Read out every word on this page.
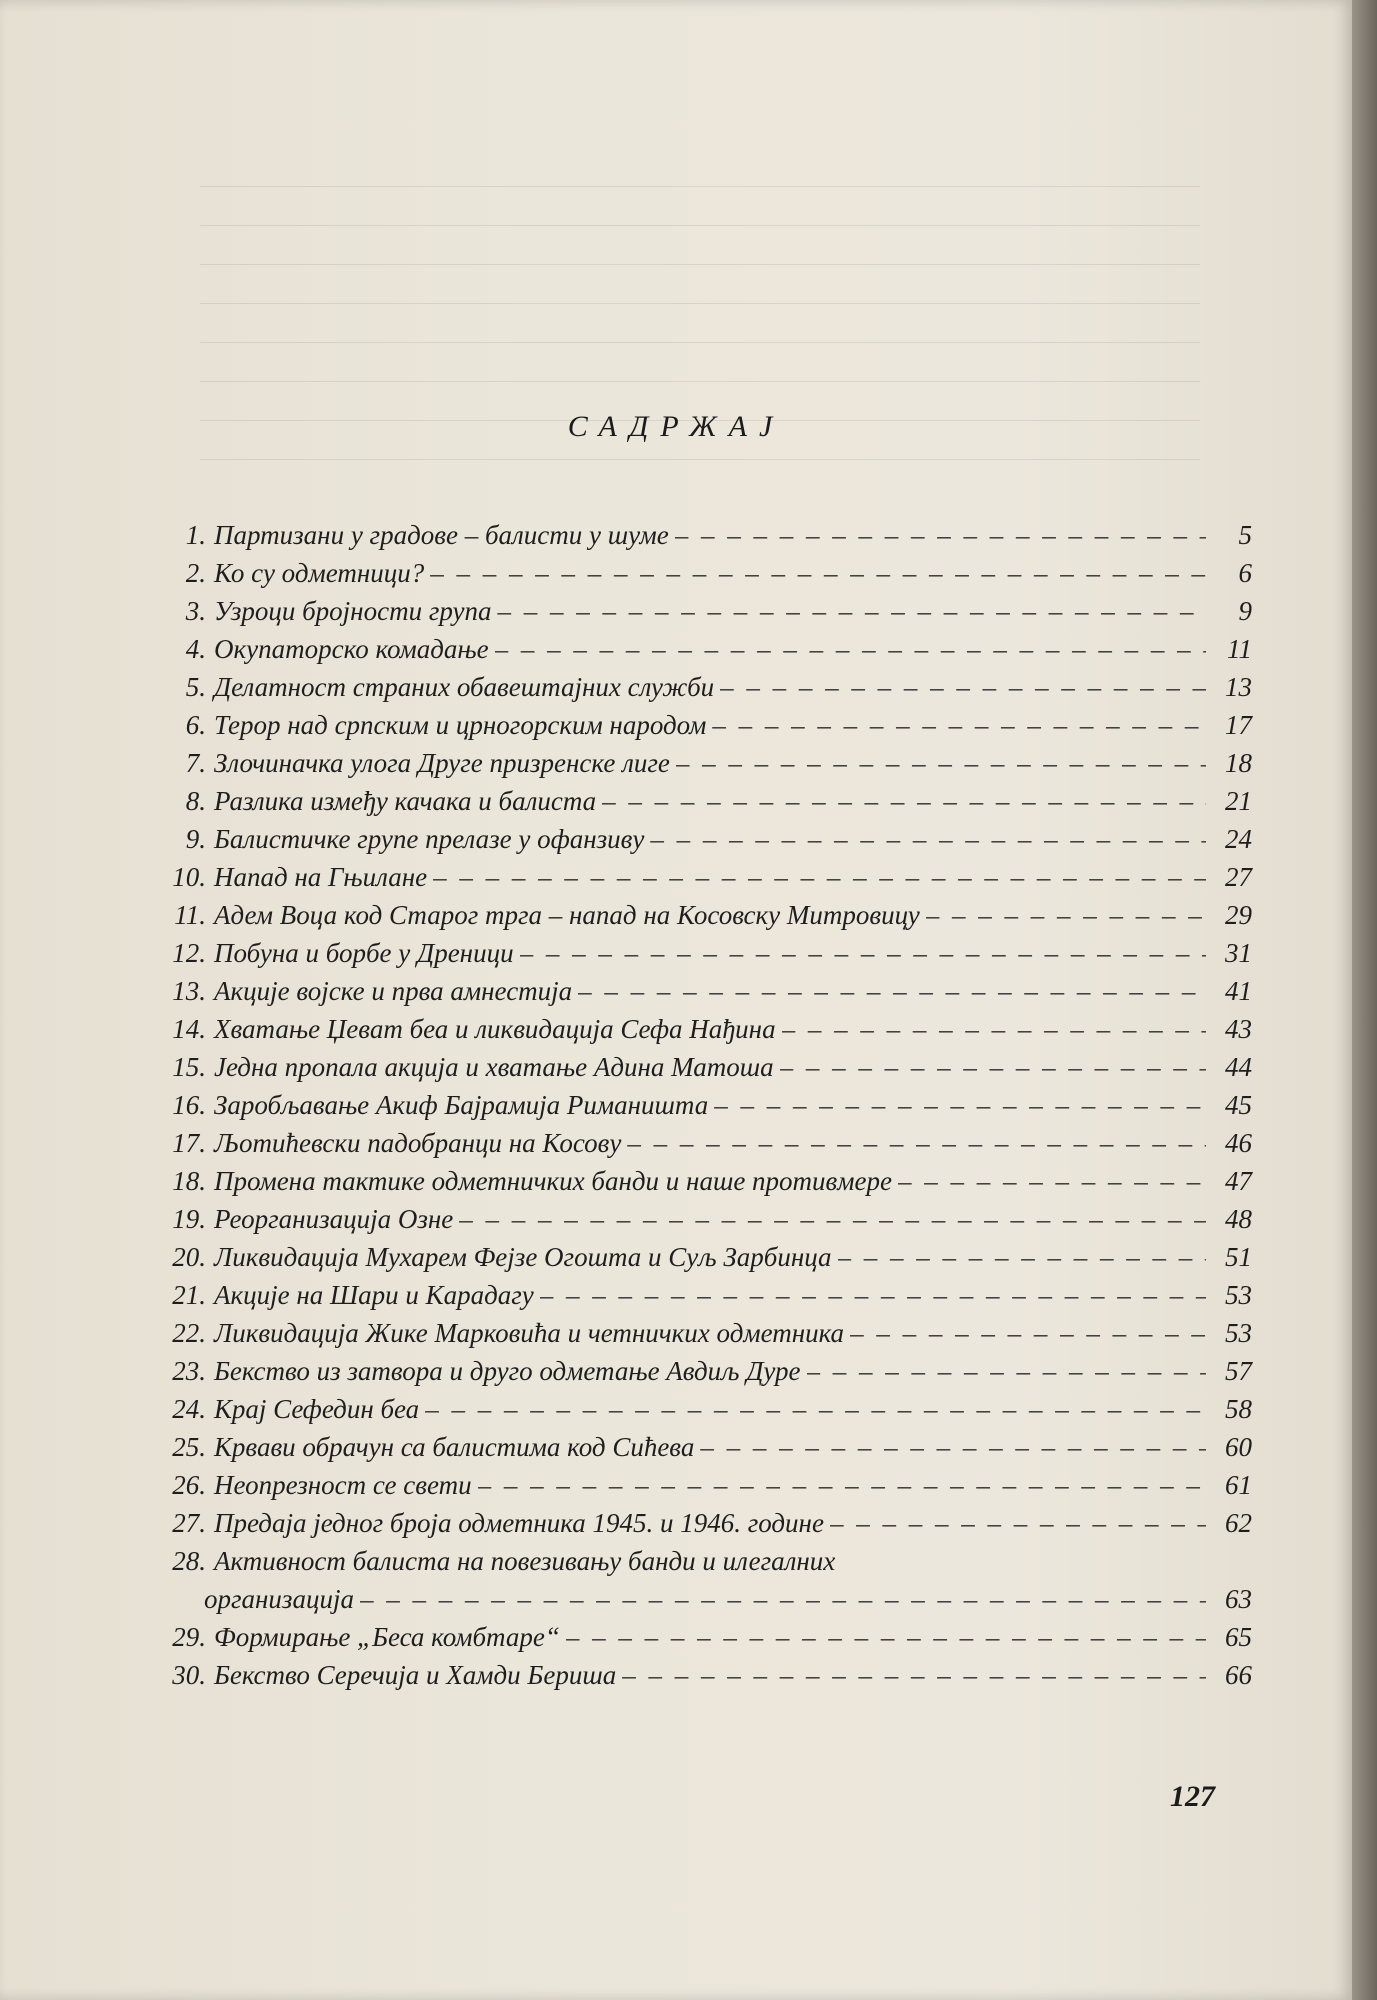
САДРЖАЈ
1. Партизани у градове – балисти у шуме – – –	5
2. Ко су одметници? – – –	6
3. Узроци бројности група – – –	9
4. Окупаторско комадање – – –	11
5. Делатност страних обавештајних служби – – –	13
6. Терор над српским и црногорским народом – – –	17
7. Злочиначка улога Друге призренске лиге – – –	18
8. Разлика између качака и балиста – – –	21
9. Балистичке групе прелазе у офанзиву – – –	24
10. Напад на Гњилане – – –	27
11. Адем Воца код Старог трга – напад на Косовску Митровицу – – –	29
12. Побуна и борбе у Дреници – – –	31
13. Акције војске и прва амнестија – – –	41
14. Хватање Џеват беа и ликвидација Сефа Нађина – – –	43
15. Једна пропала акција и хватање Адина Матоша – – –	44
16. Заробљавање Акиф Бајрамија Риманишта – – –	45
17. Љотићевски падобранци на Косову – – –	46
18. Промена тактике одметничких банди и наше противмере – – –	47
19. Реорганизација Озне – – –	48
20. Ликвидација Мухарем Фејзе Огошта и Суљ Зарбинца – – –	51
21. Акције на Шари и Карадагу – – –	53
22. Ликвидација Жике Марковића и четничких одметника – – –	53
23. Бекство из затвора и друго одметање Авдиљ Дуре – – –	57
24. Крај Сефедин беа – – –	58
25. Крвави обрачун са балистима код Сићева – – –	60
26. Неопрезност се свети – – –	61
27. Предаја једног броја одметника 1945. и 1946. године – – –	62
28. Активност балиста на повезивању банди и илегалних
организација – – –	63
29. Формирање „Беса комбтаре“ – – –	65
30. Бекство Серечија и Хамди Бериша – – –	66
127
